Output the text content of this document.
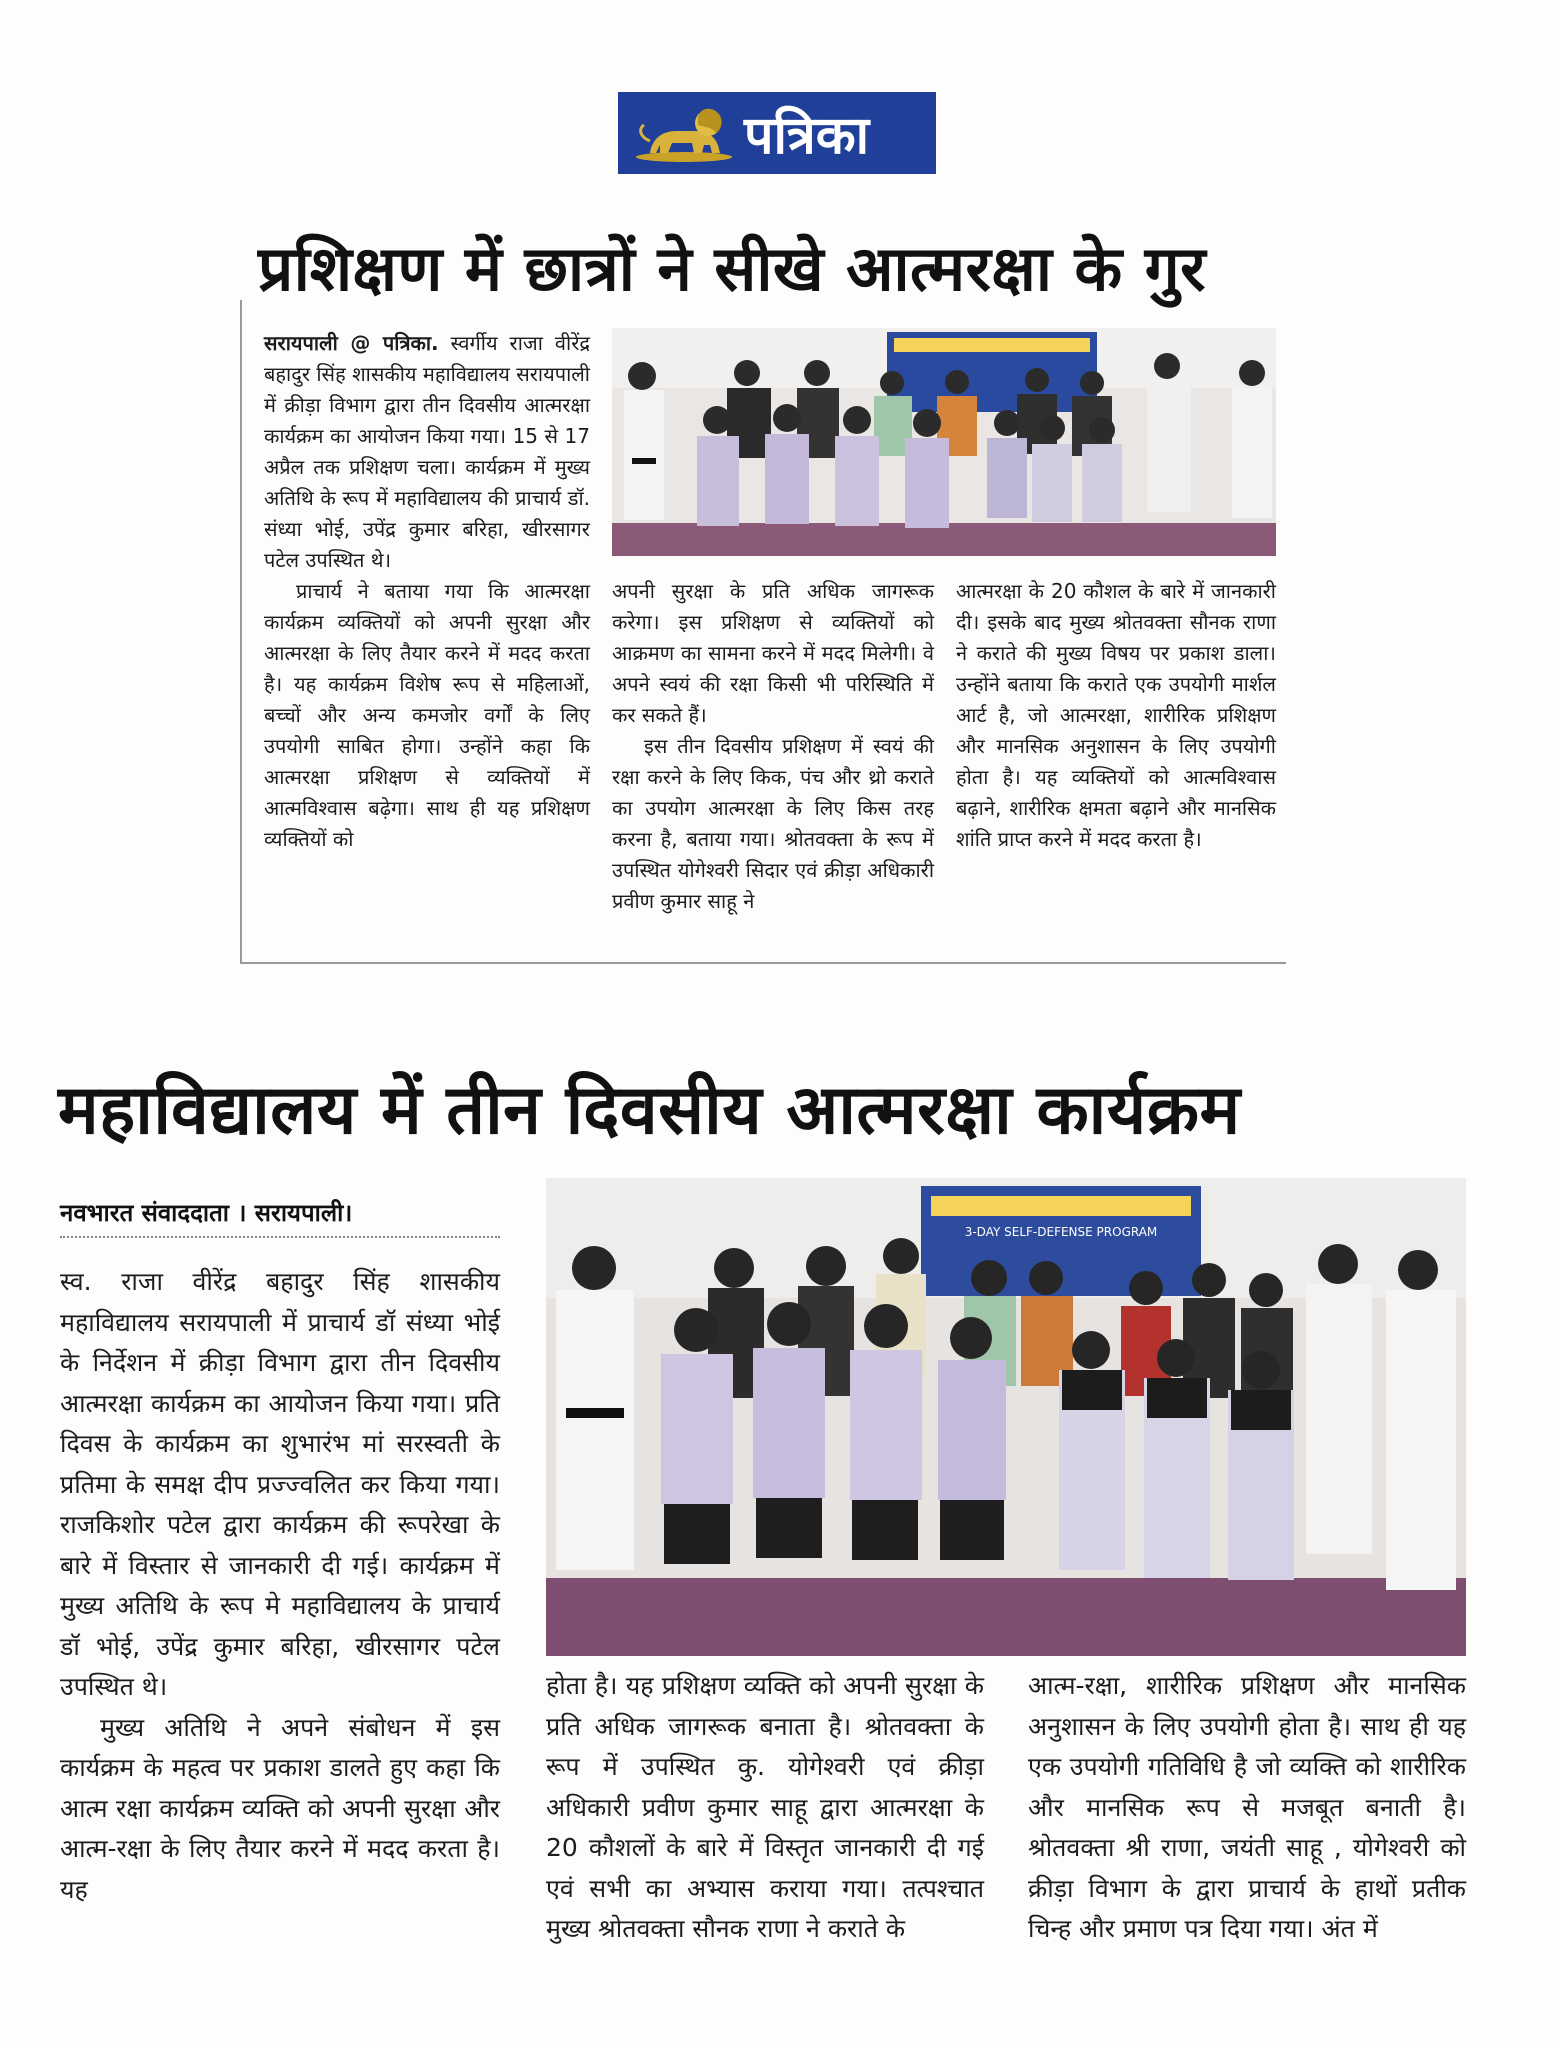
पत्रिका
प्रशिक्षण में छात्रों ने सीखे आत्मरक्षा के गुर

सरायपाली @ पत्रिका. स्वर्गीय राजा वीरेंद्र बहादुर सिंह शासकीय महाविद्यालय सरायपाली में क्रीड़ा विभाग द्वारा तीन दिवसीय आत्मरक्षा कार्यक्रम का आयोजन किया गया। 15 से 17 अप्रैल तक प्रशिक्षण चला। कार्यक्रम में मुख्य अतिथि के रूप में महाविद्यालय की प्राचार्य डॉ. संध्या भोई, उपेंद्र कुमार बरिहा, खीरसागर पटेल उपस्थित थे।

प्राचार्य ने बताया गया कि आत्मरक्षा कार्यक्रम व्यक्तियों को अपनी सुरक्षा और आत्मरक्षा के लिए तैयार करने में मदद करता है। यह कार्यक्रम विशेष रूप से महिलाओं, बच्चों और अन्य कमजोर वर्गों के लिए उपयोगी साबित होगा। उन्होंने कहा कि आत्मरक्षा प्रशिक्षण से व्यक्तियों में आत्मविश्वास बढ़ेगा। साथ ही यह प्रशिक्षण व्यक्तियों को

अपनी सुरक्षा के प्रति अधिक जागरूक करेगा। इस प्रशिक्षण से व्यक्तियों को आक्रमण का सामना करने में मदद मिलेगी। वे अपने स्वयं की रक्षा किसी भी परिस्थिति में कर सकते हैं।

इस तीन दिवसीय प्रशिक्षण में स्वयं की रक्षा करने के लिए किक, पंच और थ्रो कराते का उपयोग आत्मरक्षा के लिए किस तरह करना है, बताया गया। श्रोतवक्ता के रूप में उपस्थित योगेश्वरी सिदार एवं क्रीड़ा अधिकारी प्रवीण कुमार साहू ने

आत्मरक्षा के 20 कौशल के बारे में जानकारी दी। इसके बाद मुख्य श्रोतवक्ता सौनक राणा ने कराते की मुख्य विषय पर प्रकाश डाला। उन्होंने बताया कि कराते एक उपयोगी मार्शल आर्ट है, जो आत्मरक्षा, शारीरिक प्रशिक्षण और मानसिक अनुशासन के लिए उपयोगी होता है। यह व्यक्तियों को आत्मविश्वास बढ़ाने, शारीरिक क्षमता बढ़ाने और मानसिक शांति प्राप्त करने में मदद करता है।

महाविद्यालय में तीन दिवसीय आत्मरक्षा कार्यक्रम
नवभारत संवाददाता । सरायपाली।

स्व. राजा वीरेंद्र बहादुर सिंह शासकीय महाविद्यालय सरायपाली में प्राचार्य डॉ संध्या भोई के निर्देशन में क्रीड़ा विभाग द्वारा तीन दिवसीय आत्मरक्षा कार्यक्रम का आयोजन किया गया। प्रति दिवस के कार्यक्रम का शुभारंभ मां सरस्वती के प्रतिमा के समक्ष दीप प्रज्ज्वलित कर किया गया। राजकिशोर पटेल द्वारा कार्यक्रम की रूपरेखा के बारे में विस्तार से जानकारी दी गई। कार्यक्रम में मुख्य अतिथि के रूप मे महाविद्यालय के प्राचार्य डॉ भोई, उपेंद्र कुमार बरिहा, खीरसागर पटेल उपस्थित थे।

मुख्य अतिथि ने अपने संबोधन में इस कार्यक्रम के महत्व पर प्रकाश डालते हुए कहा कि आत्म रक्षा कार्यक्रम व्यक्ति को अपनी सुरक्षा और आत्म-रक्षा के लिए तैयार करने में मदद करता है। यह

3-DAY SELF-DEFENSE PROGRAM

होता है। यह प्रशिक्षण व्यक्ति को अपनी सुरक्षा के प्रति अधिक जागरूक बनाता है। श्रोतवक्ता के रूप में उपस्थित कु. योगेश्वरी एवं क्रीड़ा अधिकारी प्रवीण कुमार साहू द्वारा आत्मरक्षा के 20 कौशलों के बारे में विस्तृत जानकारी दी गई एवं सभी का अभ्यास कराया गया। तत्पश्चात मुख्य श्रोतवक्ता सौनक राणा ने कराते के

आत्म-रक्षा, शारीरिक प्रशिक्षण और मानसिक अनुशासन के लिए उपयोगी होता है। साथ ही यह एक उपयोगी गतिविधि है जो व्यक्ति को शारीरिक और मानसिक रूप से मजबूत बनाती है। श्रोतवक्ता श्री राणा, जयंती साहू , योगेश्वरी को क्रीड़ा विभाग के द्वारा प्राचार्य के हाथों प्रतीक चिन्ह और प्रमाण पत्र दिया गया। अंत में
